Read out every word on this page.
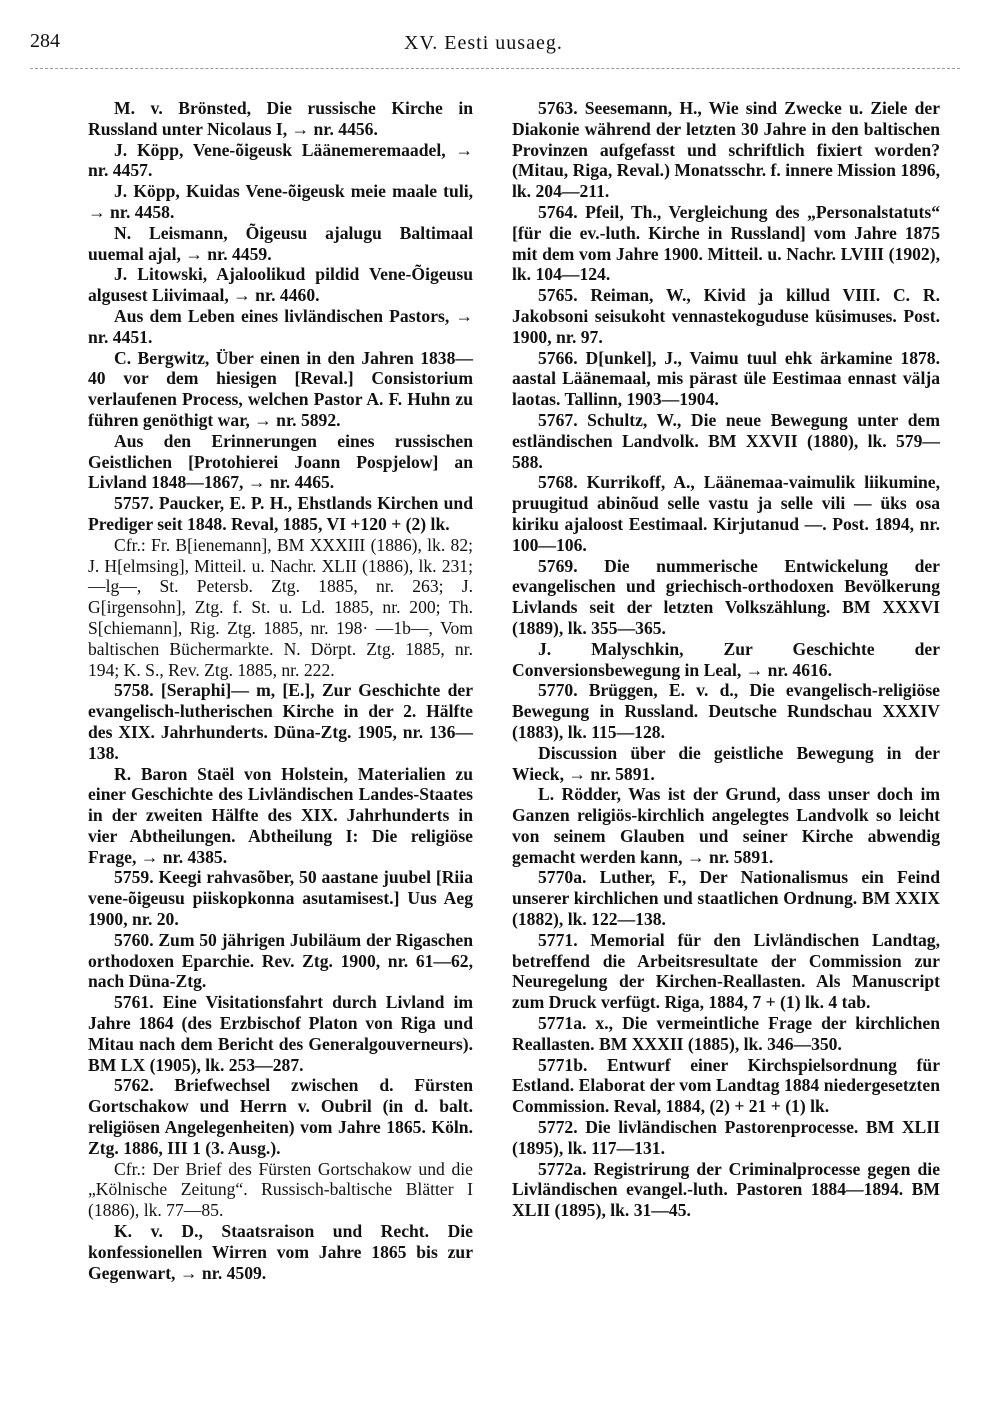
284	XV. Eesti uusaeg.

M. v. Brönsted, Die russische Kirche in Russland unter Nicolaus I, → nr. 4456.

J. Köpp, Vene-õigeusk Läänemeremaadel, → nr. 4457.

J. Köpp, Kuidas Vene-õigeusk meie maale tuli, → nr. 4458.

N. Leismann, Õigeusu ajalugu Baltimaal uuemal ajal, → nr. 4459.

J. Litowski, Ajaloolikud pildid Vene-Õigeusu algusest Liivimaal, → nr. 4460.

Aus dem Leben eines livländischen Pastors, → nr. 4451.

C. Bergwitz, Über einen in den Jahren 1838—40 vor dem hiesigen [Reval.] Consistorium verlaufenen Process, welchen Pastor A. F. Huhn zu führen genöthigt war, → nr. 5892.

Aus den Erinnerungen eines russischen Geistlichen [Protohierei Joann Pospjelow] an Livland 1848—1867, → nr. 4465.

5757. Paucker, E. P. H., Ehstlands Kirchen und Prediger seit 1848. Reval, 1885, VI +120 + (2) lk.

Cfr.: Fr. B[ienemann], BM XXXIII (1886), lk. 82; J. H[elmsing], Mitteil. u. Nachr. XLII (1886), lk. 231; —lg—, St. Petersb. Ztg. 1885, nr. 263; J. G[irgensohn], Ztg. f. St. u. Ld. 1885, nr. 200; Th. S[chiemann], Rig. Ztg. 1885, nr. 198· —1b—, Vom baltischen Büchermarkte. N. Dörpt. Ztg. 1885, nr. 194; K. S., Rev. Ztg. 1885, nr. 222.

5758. [Seraphi]— m, [E.], Zur Geschichte der evangelisch-lutherischen Kirche in der 2. Hälfte des XIX. Jahrhunderts. Düna-Ztg. 1905, nr. 136—138.

R. Baron Staël von Holstein, Materialien zu einer Geschichte des Livländischen Landes-Staates in der zweiten Hälfte des XIX. Jahrhunderts in vier Abtheilungen. Abtheilung I: Die religiöse Frage, → nr. 4385.

5759. Keegi rahvasõber, 50 aastane juubel [Riia vene-õigeusu piiskopkonna asutamisest.] Uus Aeg 1900, nr. 20.

5760. Zum 50 jährigen Jubiläum der Rigaschen orthodoxen Eparchie. Rev. Ztg. 1900, nr. 61—62, nach Düna-Ztg.

5761. Eine Visitationsfahrt durch Livland im Jahre 1864 (des Erzbischof Platon von Riga und Mitau nach dem Bericht des Generalgouverneurs). BM LX (1905), lk. 253—287.

5762. Briefwechsel zwischen d. Fürsten Gortschakow und Herrn v. Oubril (in d. balt. religiösen Angelegenheiten) vom Jahre 1865. Köln. Ztg. 1886, III 1 (3. Ausg.).

Cfr.: Der Brief des Fürsten Gortschakow und die „Kölnische Zeitung“. Russisch-baltische Blätter I (1886), lk. 77—85.

K. v. D., Staatsraison und Recht. Die konfessionellen Wirren vom Jahre 1865 bis zur Gegenwart, → nr. 4509.

5763. Seesemann, H., Wie sind Zwecke u. Ziele der Diakonie während der letzten 30 Jahre in den baltischen Provinzen aufgefasst und schriftlich fixiert worden? (Mitau, Riga, Reval.) Monatsschr. f. innere Mission 1896, lk. 204—211.

5764. Pfeil, Th., Vergleichung des „Personalstatuts“ [für die ev.-luth. Kirche in Russland] vom Jahre 1875 mit dem vom Jahre 1900. Mitteil. u. Nachr. LVIII (1902), lk. 104—124.

5765. Reiman, W., Kivid ja killud VIII. C. R. Jakobsoni seisukoht vennastekoguduse küsimuses. Post. 1900, nr. 97.

5766. D[unkel], J., Vaimu tuul ehk ärkamine 1878. aastal Läänemaal, mis pärast üle Eestimaa ennast välja laotas. Tallinn, 1903—1904.

5767. Schultz, W., Die neue Bewegung unter dem estländischen Landvolk. BM XXVII (1880), lk. 579—588.

5768. Kurrikoff, A., Läänemaa-vaimulik liikumine, pruugitud abinõud selle vastu ja selle vili — üks osa kiriku ajaloost Eestimaal. Kirjutanud —. Post. 1894, nr. 100—106.

5769. Die nummerische Entwickelung der evangelischen und griechisch-orthodoxen Bevölkerung Livlands seit der letzten Volkszählung. BM XXXVI (1889), lk. 355—365.

J. Malyschkin, Zur Geschichte der Conversionsbewegung in Leal, → nr. 4616.

5770. Brüggen, E. v. d., Die evangelisch-religiöse Bewegung in Russland. Deutsche Rundschau XXXIV (1883), lk. 115—128.

Discussion über die geistliche Bewegung in der Wieck, → nr. 5891.

L. Rödder, Was ist der Grund, dass unser doch im Ganzen religiös-kirchlich angelegtes Landvolk so leicht von seinem Glauben und seiner Kirche abwendig gemacht werden kann, → nr. 5891.

5770a. Luther, F., Der Nationalismus ein Feind unserer kirchlichen und staatlichen Ordnung. BM XXIX (1882), lk. 122—138.

5771. Memorial für den Livländischen Landtag, betreffend die Arbeitsresultate der Commission zur Neuregelung der Kirchen-Reallasten. Als Manuscript zum Druck verfügt. Riga, 1884, 7 + (1) lk. 4 tab.

5771a. x., Die vermeintliche Frage der kirchlichen Reallasten. BM XXXII (1885), lk. 346—350.

5771b. Entwurf einer Kirchspielsordnung für Estland. Elaborat der vom Landtag 1884 niedergesetzten Commission. Reval, 1884, (2) + 21 + (1) lk.

5772. Die livländischen Pastorenprocesse. BM XLII (1895), lk. 117—131.

5772a. Registrirung der Criminalprocesse gegen die Livländischen evangel.-luth. Pastoren 1884—1894. BM XLII (1895), lk. 31—45.
